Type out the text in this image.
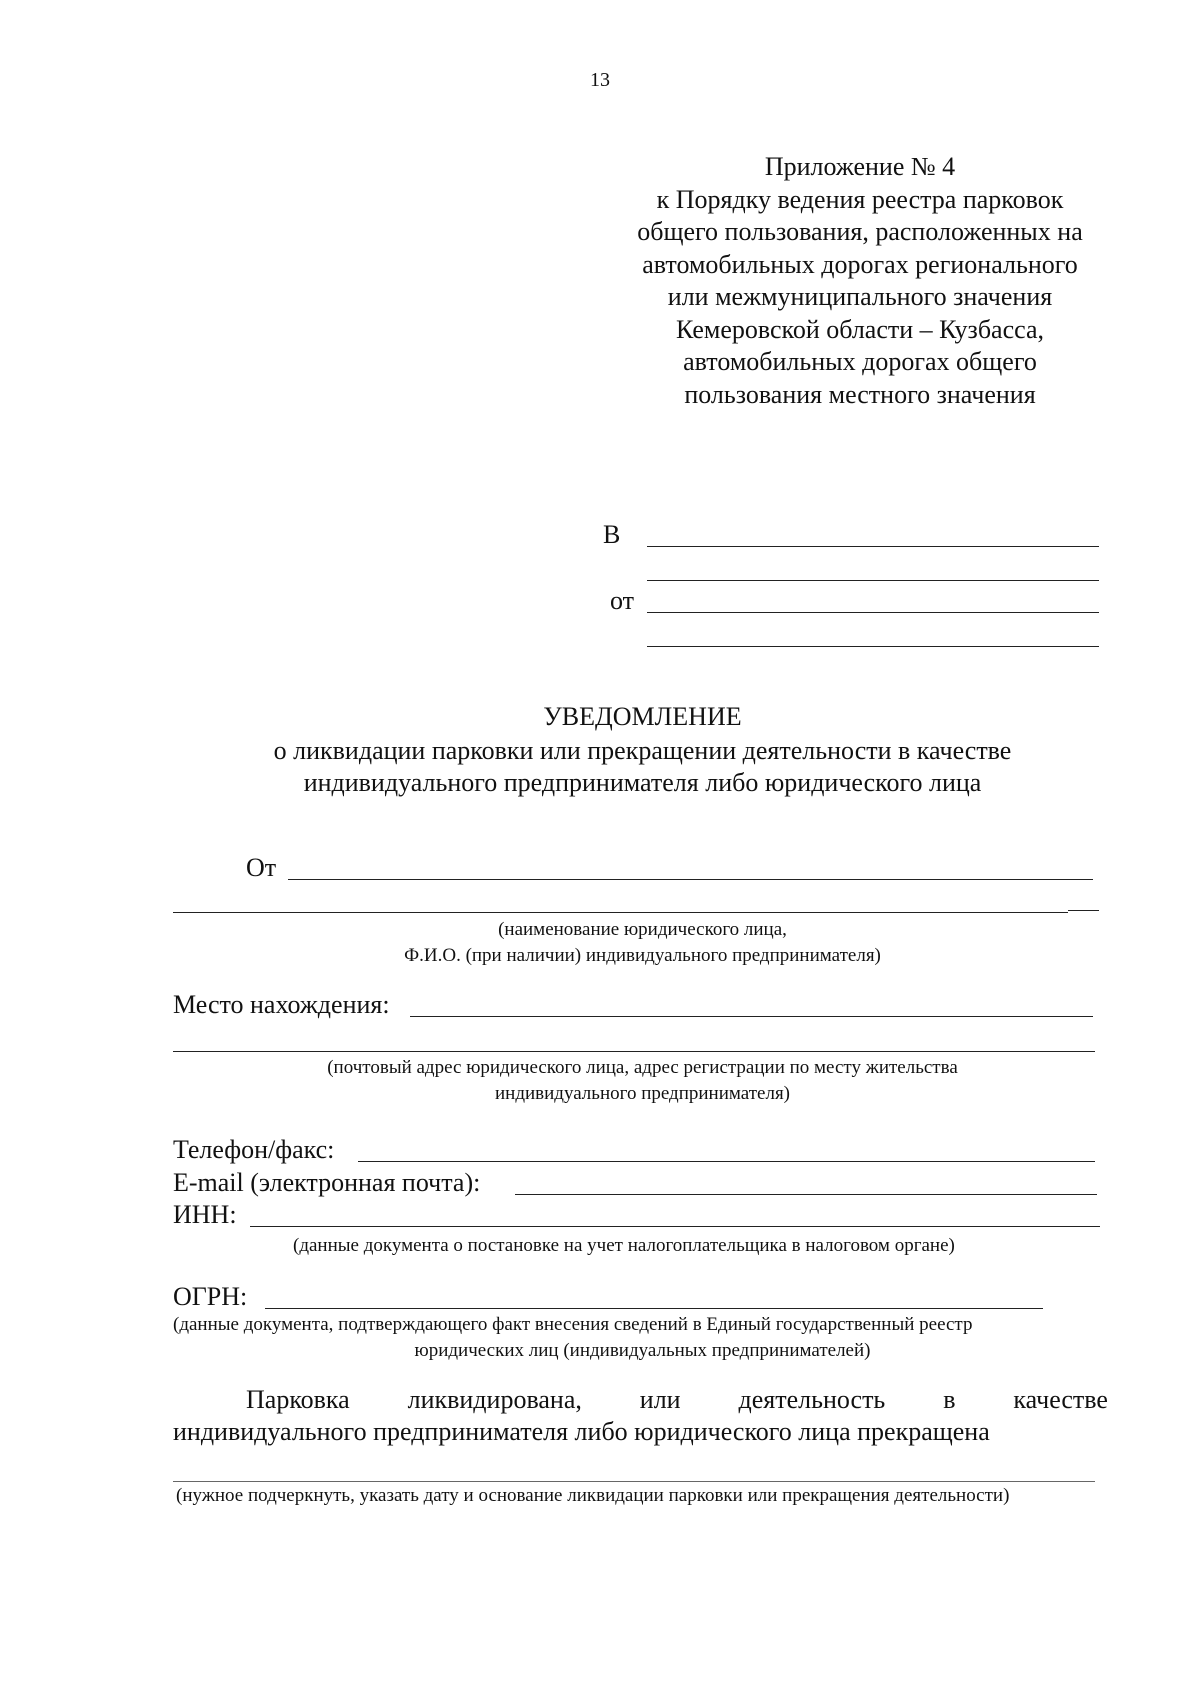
13
Приложение № 4
к Порядку ведения реестра парковок
общего пользования, расположенных на
автомобильных дорогах регионального
или межмуниципального значения
Кемеровской области – Кузбасса,
автомобильных дорогах общего
пользования местного значения
В
от
УВЕДОМЛЕНИЕ
о ликвидации парковки или прекращении деятельности в качестве
индивидуального предпринимателя либо юридического лица
От
(наименование юридического лица,
Ф.И.О. (при наличии) индивидуального предпринимателя)
Место нахождения:
(почтовый адрес юридического лица, адрес регистрации по месту жительства
индивидуального предпринимателя)
Телефон/факс:
E-mail (электронная почта):
ИНН:
(данные документа о постановке на учет налогоплательщика в налоговом органе)
ОГРН:
(данные документа, подтверждающего факт внесения сведений в Единый государственный реестр
юридических лиц (индивидуальных предпринимателей)
Парковка ликвидирована, или деятельность в качестве
индивидуального предпринимателя либо юридического лица прекращена
(нужное подчеркнуть, указать дату и основание ликвидации парковки или прекращения деятельности)
